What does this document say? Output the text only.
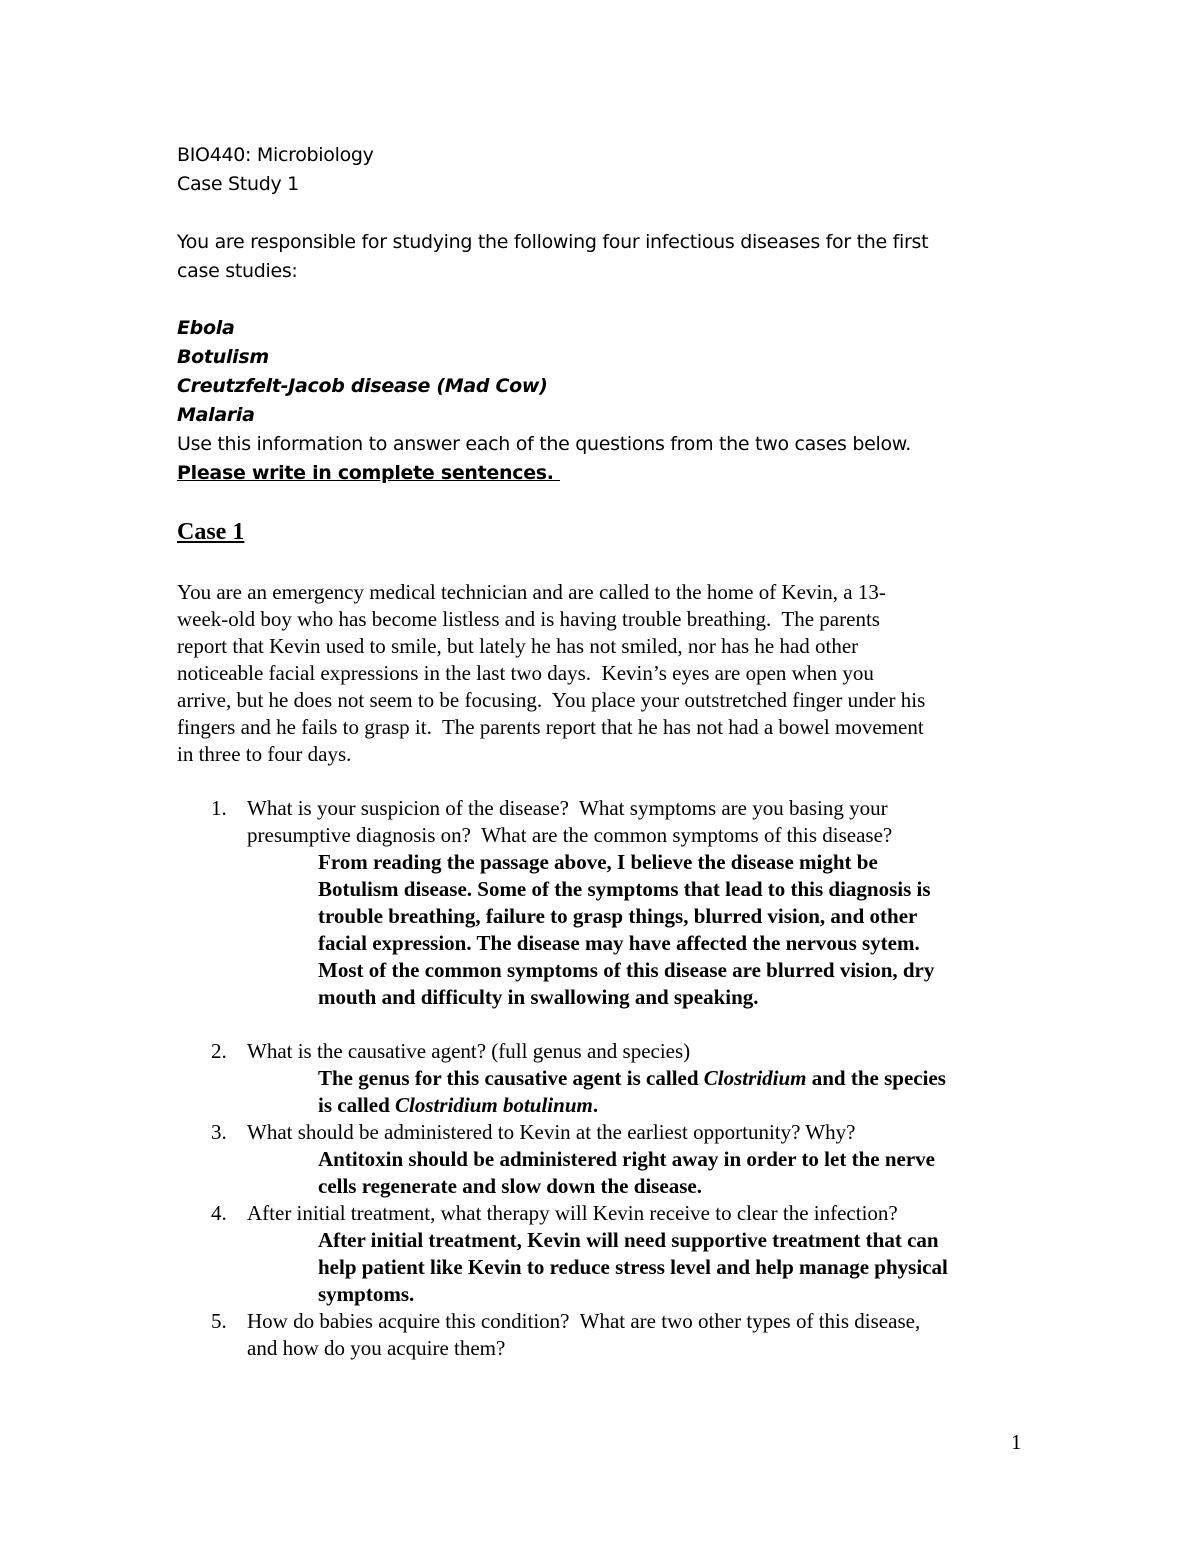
BIO440: Microbiology
Case Study 1
You are responsible for studying the following four infectious diseases for the first
case studies:
Ebola
Botulism
Creutzfelt-Jacob disease (Mad Cow)
Malaria
Use this information to answer each of the questions from the two cases below.
Please write in complete sentences.
Case 1
You are an emergency medical technician and are called to the home of Kevin, a 13-
week-old boy who has become listless and is having trouble breathing.  The parents
report that Kevin used to smile, but lately he has not smiled, nor has he had other
noticeable facial expressions in the last two days.  Kevin’s eyes are open when you
arrive, but he does not seem to be focusing.  You place your outstretched finger under his
fingers and he fails to grasp it.  The parents report that he has not had a bowel movement
in three to four days.
1. What is your suspicion of the disease?  What symptoms are you basing your
presumptive diagnosis on?  What are the common symptoms of this disease?
From reading the passage above, I believe the disease might be
Botulism disease. Some of the symptoms that lead to this diagnosis is
trouble breathing, failure to grasp things, blurred vision, and other
facial expression. The disease may have affected the nervous sytem.
Most of the common symptoms of this disease are blurred vision, dry
mouth and difficulty in swallowing and speaking.
2. What is the causative agent? (full genus and species)
The genus for this causative agent is called Clostridium and the species
is called Clostridium botulinum.
3. What should be administered to Kevin at the earliest opportunity? Why?
Antitoxin should be administered right away in order to let the nerve
cells regenerate and slow down the disease.
4. After initial treatment, what therapy will Kevin receive to clear the infection?
After initial treatment, Kevin will need supportive treatment that can
help patient like Kevin to reduce stress level and help manage physical
symptoms.
5. How do babies acquire this condition?  What are two other types of this disease,
and how do you acquire them?
1
